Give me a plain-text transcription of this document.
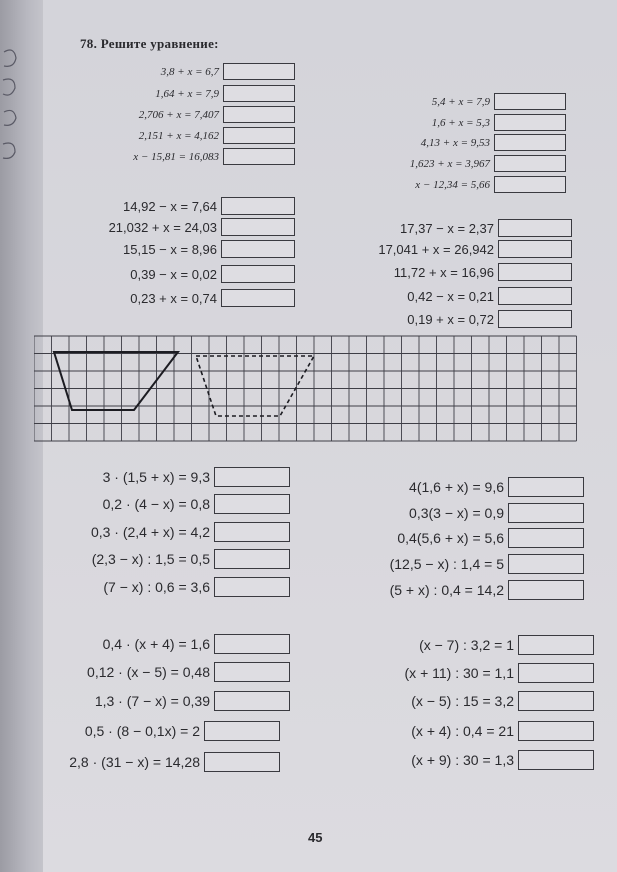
78. Решите уравнение:
3,8 + x = 6,7
1,64 + x = 7,9
2,706 + x = 7,407
2,151 + x = 4,162
x − 15,81 = 16,083
5,4 + x = 7,9
1,6 + x = 5,3
4,13 + x = 9,53
1,623 + x = 3,967
x − 12,34 = 5,66
14,92 − x = 7,64
21,032 + x = 24,03
15,15 − x = 8,96
0,39 − x = 0,02
0,23 + x = 0,74
17,37 − x = 2,37
17,041 + x = 26,942
11,72 + x = 16,96
0,42 − x = 0,21
0,19 + x = 0,72
3 · (1,5 + x) = 9,3
0,2 · (4 − x) = 0,8
0,3 · (2,4 + x) = 4,2
(2,3 − x) : 1,5 = 0,5
(7 − x) : 0,6 = 3,6
4(1,6 + x) = 9,6
0,3(3 − x) = 0,9
0,4(5,6 + x) = 5,6
(12,5 − x) : 1,4 = 5
(5 + x) : 0,4 = 14,2
0,4 · (x + 4) = 1,6
0,12 · (x − 5) = 0,48
1,3 · (7 − x) = 0,39
0,5 · (8 − 0,1x) = 2
2,8 · (31 − x) = 14,28
(x − 7) : 3,2 = 1
(x + 11) : 30 = 1,1
(x − 5) : 15 = 3,2
(x + 4) : 0,4 = 21
(x + 9) : 30 = 1,3
45
